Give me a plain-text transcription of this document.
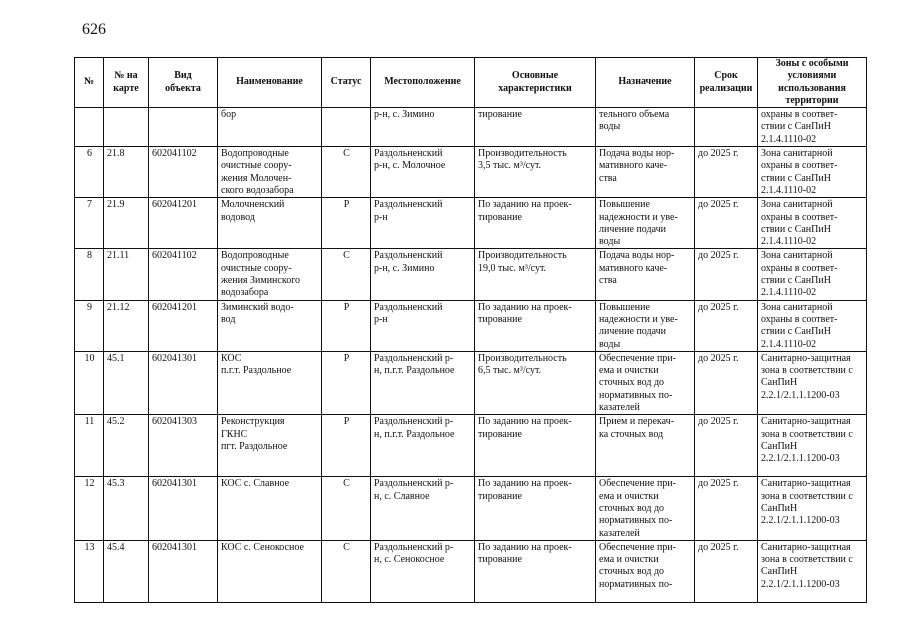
626
№	№ на
карте	Вид
объекта	Наименование	Статус	Местоположение	Основные
характеристики	Назначение	Срок
реализации	Зоны с особыми
условиями
использования
территории
			бор		р-н, с. Зимино	тирование	тельного объема
воды		охраны в соответ-
ствии с СанПиН
2.1.4.1110-02
6	21.8	602041102	Водопроводные
очистные соору-
жения Молочен-
ского водозабора	С	Раздольненский
р-н, с. Молочное	Производительность
3,5 тыс. м³/сут.	Подача воды нор-
мативного каче-
ства	до 2025 г.	Зона санитарной
охраны в соответ-
ствии с СанПиН
2.1.4.1110-02
7	21.9	602041201	Молочненский
водовод	Р	Раздольненский
р-н	По заданию на проек-
тирование	Повышение
надежности и уве-
личение подачи
воды	до 2025 г.	Зона санитарной
охраны в соответ-
ствии с СанПиН
2.1.4.1110-02
8	21.11	602041102	Водопроводные
очистные соору-
жения Зиминского
водозабора	С	Раздольненский
р-н, с. Зимино	Производительность
19,0 тыс. м³/сут.	Подача воды нор-
мативного каче-
ства	до 2025 г.	Зона санитарной
охраны в соответ-
ствии с СанПиН
2.1.4.1110-02
9	21.12	602041201	Зиминский водо-
вод	Р	Раздольненский
р-н	По заданию на проек-
тирование	Повышение
надежности и уве-
личение подачи
воды	до 2025 г.	Зона санитарной
охраны в соответ-
ствии с СанПиН
2.1.4.1110-02
10	45.1	602041301	КОС
п.г.т. Раздольное	Р	Раздольненский р-
н, п.г.т. Раздольное	Производительность
6,5 тыс. м³/сут.	Обеспечение при-
ема и очистки
сточных вод до
нормативных по-
казателей	до 2025 г.	Санитарно-защитная
зона в соответствии с
СанПиН
2.2.1/2.1.1.1200-03
11	45.2	602041303	Реконструкция
ГКНС
пгт. Раздольное	Р	Раздольненский р-
н, п.г.т. Раздольное	По заданию на проек-
тирование	Прием и перекач-
ка сточных вод	до 2025 г.	Санитарно-защитная
зона в соответствии с
СанПиН
2.2.1/2.1.1.1200-03
12	45.3	602041301	КОС с. Славное	С	Раздольненский р-
н, с. Славное	По заданию на проек-
тирование	Обеспечение при-
ема и очистки
сточных вод до
нормативных по-
казателей	до 2025 г.	Санитарно-защитная
зона в соответствии с
СанПиН
2.2.1/2.1.1.1200-03
13	45.4	602041301	КОС с. Сенокосное	С	Раздольненский р-
н, с. Сенокосное	По заданию на проек-
тирование	Обеспечение при-
ема и очистки
сточных вод до
нормативных по-	до 2025 г.	Санитарно-защитная
зона в соответствии с
СанПиН
2.2.1/2.1.1.1200-03
